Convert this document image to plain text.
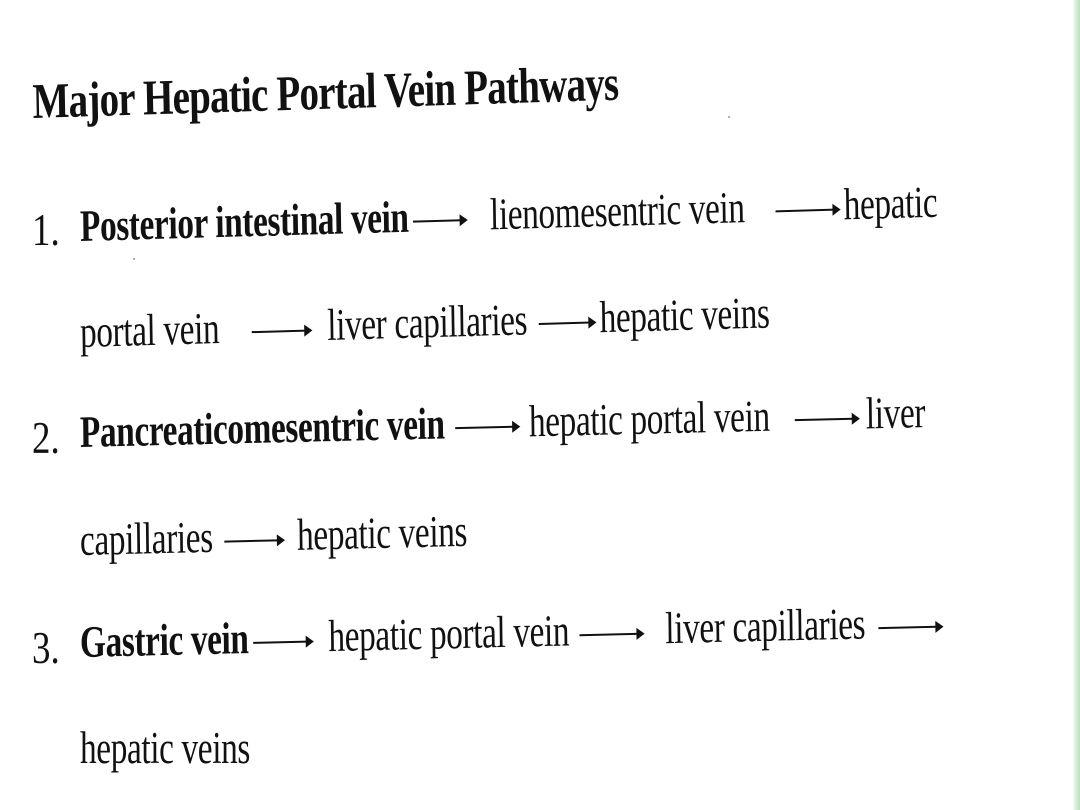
Major Hepatic Portal Vein Pathways
1. Posterior intestinal vein lienomesentric vein hepatic
portal vein liver capillaries hepatic veins
2. Pancreaticomesentric vein hepatic portal vein liver
capillaries hepatic veins
3. Gastric vein hepatic portal vein liver capillaries
hepatic veins
